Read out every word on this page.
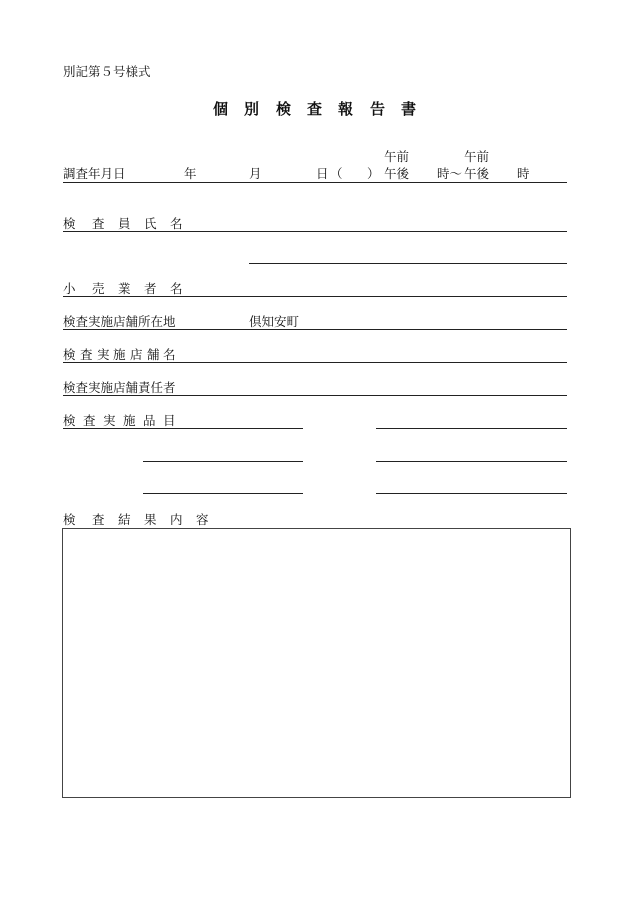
別記第５号様式
個 別 検 査 報 告 書
午前	午前
調査年月日	年	月	日 （ ） 午後 時～ 午後 時
検 査 員 氏 名
小 売 業 者 名
検査実施店舗所在地	倶知安町
検 査 実 施 店 舗 名
検査実施店舗責任者
検 査 実 施 品 目
検 査 結 果 内 容
